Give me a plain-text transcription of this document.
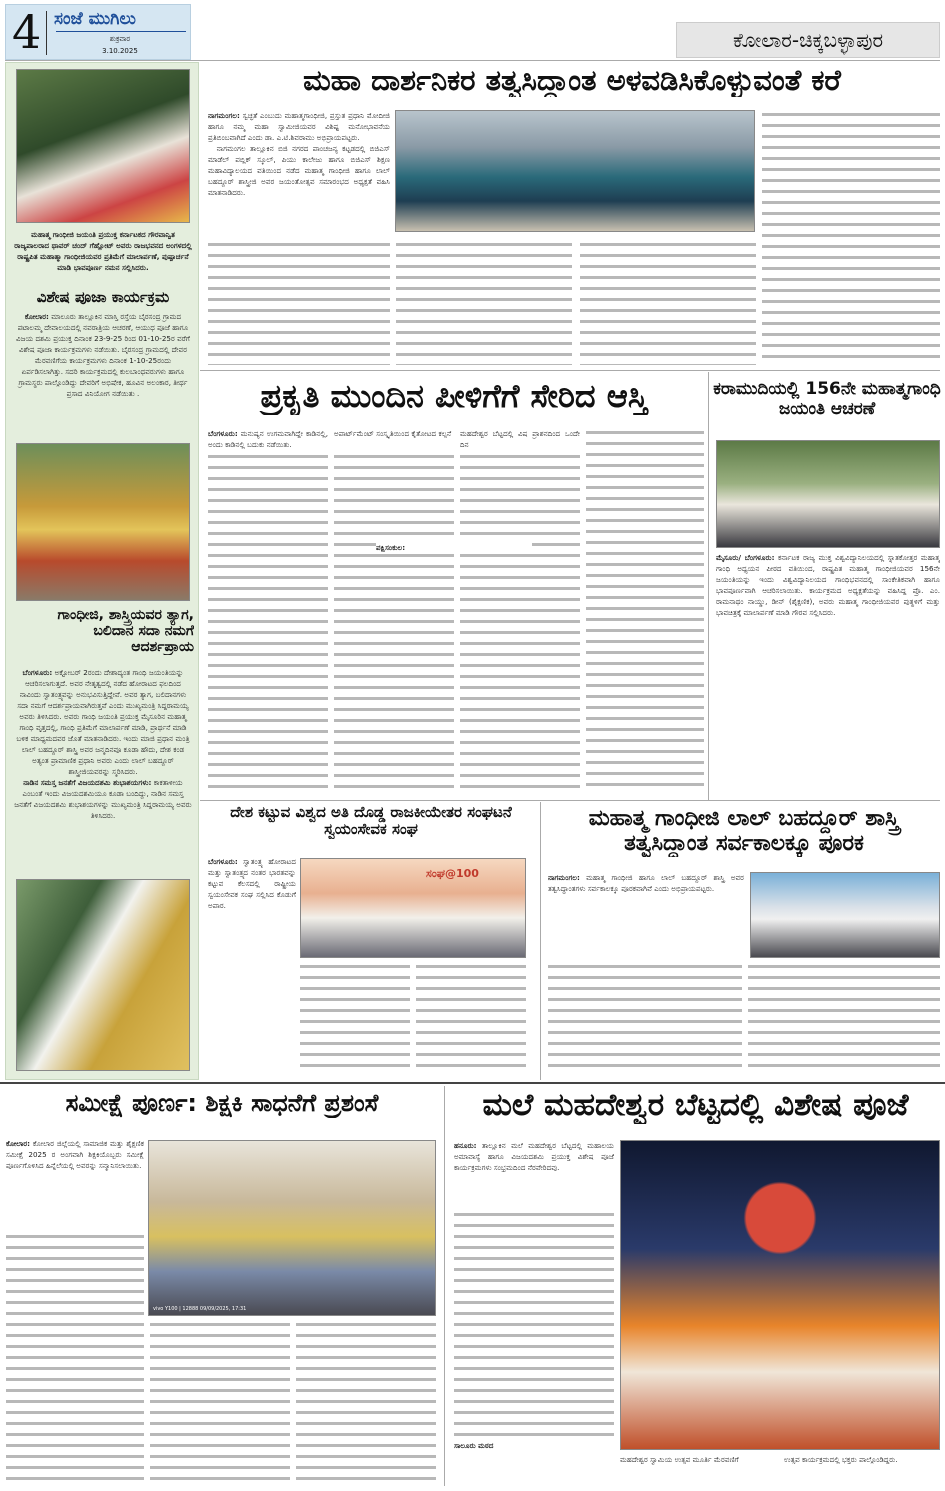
4 ಸಂಜೆ ಮುಗಿಲು
ಶುಕ್ರವಾರ
3.10.2025	ಕೋಲಾರ-ಚಿಕ್ಕಬಳ್ಳಾಪುರ
ಮಹಾತ್ಮ ಗಾಂಧೀಜಿ ಜಯಂತಿ ಪ್ರಯುಕ್ತ ಕರ್ನಾಟಕದ ಗೌರವಾನ್ವಿತ ರಾಜ್ಯಪಾಲರಾದ ಥಾವರ್ ಚಂದ್ ಗೆಹ್ಲೋಟ್ ಅವರು ರಾಜಭವನದ ಅಂಗಳದಲ್ಲಿ ರಾಷ್ಟ್ರಪಿತ ಮಹಾತ್ಮಾ ಗಾಂಧೀಜಿಯವರ ಪ್ರತಿಮೆಗೆ ಮಾಲಾರ್ಪಣೆ, ಪುಷ್ಪಾರ್ಚನೆ ಮಾಡಿ ಭಾವಪೂರ್ಣ ನಮನ ಸಲ್ಲಿಸಿದರು.
ವಿಶೇಷ ಪೂಜಾ ಕಾರ್ಯಕ್ರಮ
ಕೋಲಾರ: ಮಾಲೂರು ತಾಲ್ಲೂಕಿನ ಮಾಸ್ತಿ ರಸ್ತೆಯ ಬೈರಸಂದ್ರ ಗ್ರಾಮದ ಪಟಾಲಮ್ಮ ದೇವಾಲಯದಲ್ಲಿ ನವರಾತ್ರಿಯ ಆಚರಣೆ, ಆಯುಧ ಪೂಜೆ ಹಾಗೂ ವಿಜಯ ದಶಮಿ ಪ್ರಯುಕ್ತ ದಿನಾಂಕ 23-9-25 ರಿಂದ 01-10-25ರ ವರೆಗೆ ವಿಶೇಷ ಪೂಜಾ ಕಾರ್ಯಕ್ರಮಗಳು ನಡೆಯಿತು. ಬೈರಸಂದ್ರ ಗ್ರಾಮದಲ್ಲಿ ದೇವರ ಮೆರವಣಿಗೆಯ ಕಾರ್ಯಕ್ರಮಗಳು ದಿನಾಂಕ 1-10-25ರಂದು ಏರ್ಪಡಿಸಲಾಗಿತ್ತು. ಸದರಿ ಕಾರ್ಯಕ್ರಮದಲ್ಲಿ ಕುಲಬಾಂಧವರುಗಳು ಹಾಗೂ ಗ್ರಾಮಸ್ಥರು ಪಾಲ್ಗೊಂಡಿದ್ದು ದೇವರಿಗೆ ಅಭಿಷೇಕ, ಹೂವಿನ ಅಲಂಕಾರ, ತೀರ್ಥ ಪ್ರಸಾದ ವಿನಿಯೋಗ ನಡೆಯಿತು .
ಗಾಂಧೀಜಿ, ಶಾಸ್ತ್ರಿಯವರ ತ್ಯಾಗ, ಬಲಿದಾನ ಸದಾ ನಮಗೆ ಆದರ್ಶಪ್ರಾಯ
ಬೆಂಗಳೂರು: ಅಕ್ಟೋಬರ್ 2ರಂದು ದೇಶಾದ್ಯಂತ ಗಾಂಧಿ ಜಯಂತಿಯನ್ನು ಆಚರಿಸಲಾಗುತ್ತದೆ. ಅವರ ನೇತೃತ್ವದಲ್ಲಿ ನಡೆದ ಹೋರಾಟದ ಫಲದಿಂದ ನಾವಿಂದು ಸ್ವಾತಂತ್ರ್ಯವನ್ನು ಅನುಭವಿಸುತ್ತಿದ್ದೇವೆ. ಅವರ ತ್ಯಾಗ, ಬಲಿದಾನಗಳು ಸದಾ ನಮಗೆ ಆದರ್ಶಪ್ರಾಯವಾಗಿರುತ್ತವೆ ಎಂದು ಮುಖ್ಯಮಂತ್ರಿ ಸಿದ್ದರಾಮಯ್ಯ ಅವರು ತಿಳಿಸಿದರು. ಅವರು ಗಾಂಧಿ ಜಯಂತಿ ಪ್ರಯುಕ್ತ ಮೈಸೂರಿನ ಮಹಾತ್ಮ ಗಾಂಧಿ ವೃತ್ತದಲ್ಲಿ, ಗಾಂಧಿ ಪ್ರತಿಮೆಗೆ ಮಾಲಾರ್ಪಣೆ ಮಾಡಿ, ಪ್ರಾರ್ಥನೆ ಮಾಡಿ ಬಳಿಕ ಮಾಧ್ಯಮದವರ ಜೊತೆ ಮಾತನಾಡಿದರು. ಇಂದು ಮಾಜಿ ಪ್ರಧಾನ ಮಂತ್ರಿ ಲಾಲ್ ಬಹದ್ದೂರ್ ಶಾಸ್ತ್ರಿ ಅವರ ಜನ್ಮದಿನವೂ ಕೂಡಾ ಹೌದು, ದೇಶ ಕಂಡ ಅತ್ಯಂತ ಪ್ರಾಮಾಣಿಕ ಪ್ರಧಾನಿ ಅವರು ಎಂದು ಲಾಲ್ ಬಹದ್ದೂರ್ ಶಾಸ್ತ್ರೀಜಿಯವರನ್ನು ಸ್ಮರಿಸಿದರು.
ನಾಡಿನ ಸಮಸ್ತ ಜನತೆಗೆ ವಿಜಯದಶಮಿ ಶುಭಾಶಯಗಳು: ಕಾಕತಾಳೀಯ ಎಂಬಂತೆ ಇಂದು ವಿಜಯದಶಮಿಯೂ ಕೂಡಾ ಬಂದಿದ್ದು, ನಾಡಿನ ಸಮಸ್ತ ಜನತೆಗೆ ವಿಜಯದಶಮಿ ಶುಭಾಶಯಗಳನ್ನು ಮುಖ್ಯಮಂತ್ರಿ ಸಿದ್ದರಾಮಯ್ಯ ಅವರು ತಿಳಿಸಿದರು.
ಮಹಾ ದಾರ್ಶನಿಕರ ತತ್ವಸಿದ್ಧಾಂತ ಅಳವಡಿಸಿಕೊಳ್ಳುವಂತೆ ಕರೆ
ನಾಗಮಂಗಲ: ಸ್ವಚ್ಛತೆ ಎಂಬುದು ಮಹಾತ್ಮಗಾಂಧೀಜಿ, ಪ್ರಸ್ತುತ ಪ್ರಧಾನಿ ಮೋದೀಜಿ ಹಾಗೂ ನಮ್ಮ ಮಹಾ ಸ್ವಾಮೀಜಿಯವರ ವಿಶಿಷ್ಟ ಮನೋಭಾವನೆಯ ಪ್ರತಿಬಿಂಬವಾಗಿದೆ ಎಂದು ಡಾ. ಎ.ಟಿ.ಶಿವರಾಮು ಅಭಿಪ್ರಾಯಪಟ್ಟರು.
ನಾಗಮಂಗಲ ತಾಲ್ಲೂಕಿನ ಬಿಜಿ ನಗರದ ಪಾಂಚಜನ್ಯ ಕಟ್ಟಡದಲ್ಲಿ ಬಿಜಿಎಸ್ ಮಾಡೆಲ್ ಪಬ್ಲಿಕ್ ಸ್ಕೂಲ್, ಪಿಯು ಕಾಲೇಜು ಹಾಗೂ ಬಿಜಿಎಸ್ ಶಿಕ್ಷಣ ಮಹಾವಿದ್ಯಾಲಯದ ವತಿಯಿಂದ ನಡೆದ ಮಹಾತ್ಮ ಗಾಂಧೀಜಿ ಹಾಗೂ ಲಾಲ್ ಬಹದ್ದೂರ್ ಶಾಸ್ತ್ರೀಜಿ ಅವರ ಜಯಂತೋತ್ಸವ ಸಮಾರಂಭದ ಅಧ್ಯಕ್ಷತೆ ವಹಿಸಿ ಮಾತನಾಡಿದರು.
ಪ್ರಕೃತಿ ಮುಂದಿನ ಪೀಳಿಗೆಗೆ ಸೇರಿದ ಆಸ್ತಿ
ಬೆಂಗಳೂರು: ಮನುಷ್ಯನ ಉಗಮವಾಗಿದ್ದೇ ಕಾಡಿನಲ್ಲಿ, ಅಂದು ಕಾಡಿನಲ್ಲಿ ಬದುಕು ನಡೆಯಿತು.
ಅಪಾರ್ಟ್‌ಮೆಂಟ್ ಸಂಸ್ಕೃತಿಯಿಂದ ಕೈತೋಟದ ಕಲ್ಪನೆ	ಮಹದೇಶ್ವರ ಬೆಟ್ಟದಲ್ಲಿ ವಿಷ ಪ್ರಾಶನದಿಂದ ಒಂದೇ ದಿನ
ಪಕ್ಷಿಸಂಕುಲ:
ಕರಾಮುದಿಯಲ್ಲಿ 156ನೇ ಮಹಾತ್ಮಗಾಂಧಿ ಜಯಂತಿ ಆಚರಣೆ
ಮೈಸೂರು/ ಬೆಂಗಳೂರು: ಕರ್ನಾಟಕ ರಾಜ್ಯ ಮುಕ್ತ ವಿಶ್ವವಿದ್ಯಾನಿಲಯದಲ್ಲಿ ಸ್ನಾತಕೋತ್ತರ ಮಹಾತ್ಮ ಗಾಂಧಿ ಅಧ್ಯಯನ ಪೀಠದ ವತಿಯಿಂದ, ರಾಷ್ಟ್ರಪಿತ ಮಹಾತ್ಮ ಗಾಂಧೀಜಿಯವರ 156ನೇ ಜಯಂತಿಯನ್ನು ಇಂದು ವಿಶ್ವವಿದ್ಯಾನಿಲಯದ ಗಾಂಧಿಭವನದಲ್ಲಿ ಸಾಂಕೇತಿಕವಾಗಿ ಹಾಗೂ ಭಾವಪೂರ್ಣವಾಗಿ ಆಚರಿಸಲಾಯಿತು. ಕಾರ್ಯಕ್ರಮದ ಅಧ್ಯಕ್ಷತೆಯನ್ನು ವಹಿಸಿದ್ದ ಪ್ರೊ. ಎಂ. ರಾಮನಾಥಂ ನಾಯ್ಡು, ಡೀನ್ (ಶೈಕ್ಷಣಿಕ), ಅವರು ಮಹಾತ್ಮ ಗಾಂಧೀಜಿಯವರ ಪುತ್ಥಳಿಗೆ ಮತ್ತು ಭಾವಚಿತ್ರಕ್ಕೆ ಮಾಲಾರ್ಪಣೆ ಮಾಡಿ ಗೌರವ ಸಲ್ಲಿಸಿದರು.
ದೇಶ ಕಟ್ಟುವ ವಿಶ್ವದ ಅತಿ ದೊಡ್ಡ ರಾಜಕೀಯೇತರ ಸಂಘಟನೆ ಸ್ವಯಂಸೇವಕ ಸಂಘ
ಬೆಂಗಳೂರು: ಸ್ವಾತಂತ್ರ್ಯ ಹೋರಾಟದ ಮತ್ತು ಸ್ವಾತಂತ್ರ್ಯದ ನಂತರ ಭಾರತವನ್ನು ಕಟ್ಟುವ ಕೆಲಸದಲ್ಲಿ ರಾಷ್ಟ್ರೀಯ ಸ್ವಯಂಸೇವಕ ಸಂಘ ಸಲ್ಲಿಸಿದ ಕೊಡುಗೆ ಅಪಾರ.
ಸಂಘ@100
ಮಹಾತ್ಮ ಗಾಂಧೀಜಿ ಲಾಲ್ ಬಹದ್ದೂರ್ ಶಾಸ್ತ್ರಿ ತತ್ವಸಿದ್ಧಾಂತ ಸರ್ವಕಾಲಕ್ಕೂ ಪೂರಕ
ನಾಗಮಂಗಲ: ಮಹಾತ್ಮ ಗಾಂಧೀಜಿ ಹಾಗೂ ಲಾಲ್ ಬಹದ್ದೂರ್ ಶಾಸ್ತ್ರಿ ಅವರ ತತ್ವಸಿದ್ಧಾಂತಗಳು ಸರ್ವಕಾಲಕ್ಕೂ ಪೂರಕವಾಗಿವೆ ಎಂದು ಅಭಿಪ್ರಾಯಪಟ್ಟರು.
ಸಮೀಕ್ಷೆ ಪೂರ್ಣ: ಶಿಕ್ಷಕಿ ಸಾಧನೆಗೆ ಪ್ರಶಂಸೆ
ಕೋಲಾರ: ಕೋಲಾರ ಜಿಲ್ಲೆಯಲ್ಲಿ ಸಾಮಾಜಿಕ ಮತ್ತು ಶೈಕ್ಷಣಿಕ ಸಮೀಕ್ಷೆ 2025 ರ ಅಂಗವಾಗಿ ಶಿಕ್ಷಕಿಯೊಬ್ಬರು ಸಮೀಕ್ಷೆ ಪೂರ್ಣಗೊಳಿಸಿದ ಹಿನ್ನೆಲೆಯಲ್ಲಿ ಅವರನ್ನು ಸನ್ಮಾನಿಸಲಾಯಿತು.
vivo Y100 | 12888 09/09/2025, 17:31
ಮಲೆ ಮಹದೇಶ್ವರ ಬೆಟ್ಟದಲ್ಲಿ ವಿಶೇಷ ಪೂಜೆ
ಹನೂರು: ತಾಲ್ಲೂಕಿನ ಮಲೆ ಮಹದೇಶ್ವರ ಬೆಟ್ಟದಲ್ಲಿ ಮಹಾಲಯ ಅಮಾವಾಸ್ಯೆ ಹಾಗೂ ವಿಜಯದಶಮಿ ಪ್ರಯುಕ್ತ ವಿಶೇಷ ಪೂಜೆ ಕಾರ್ಯಕ್ರಮಗಳು ಸಂಭ್ರಮದಿಂದ ನೆರವೇರಿದವು.
ಸಾಲೂರು ಮಠದ
ಮಹದೇಶ್ವರ ಸ್ವಾಮಿಯ ಉತ್ಸವ ಮೂರ್ತಿ ಮೆರವಣಿಗೆ	ಉತ್ಸವ ಕಾರ್ಯಕ್ರಮದಲ್ಲಿ ಭಕ್ತರು ಪಾಲ್ಗೊಂಡಿದ್ದರು.
